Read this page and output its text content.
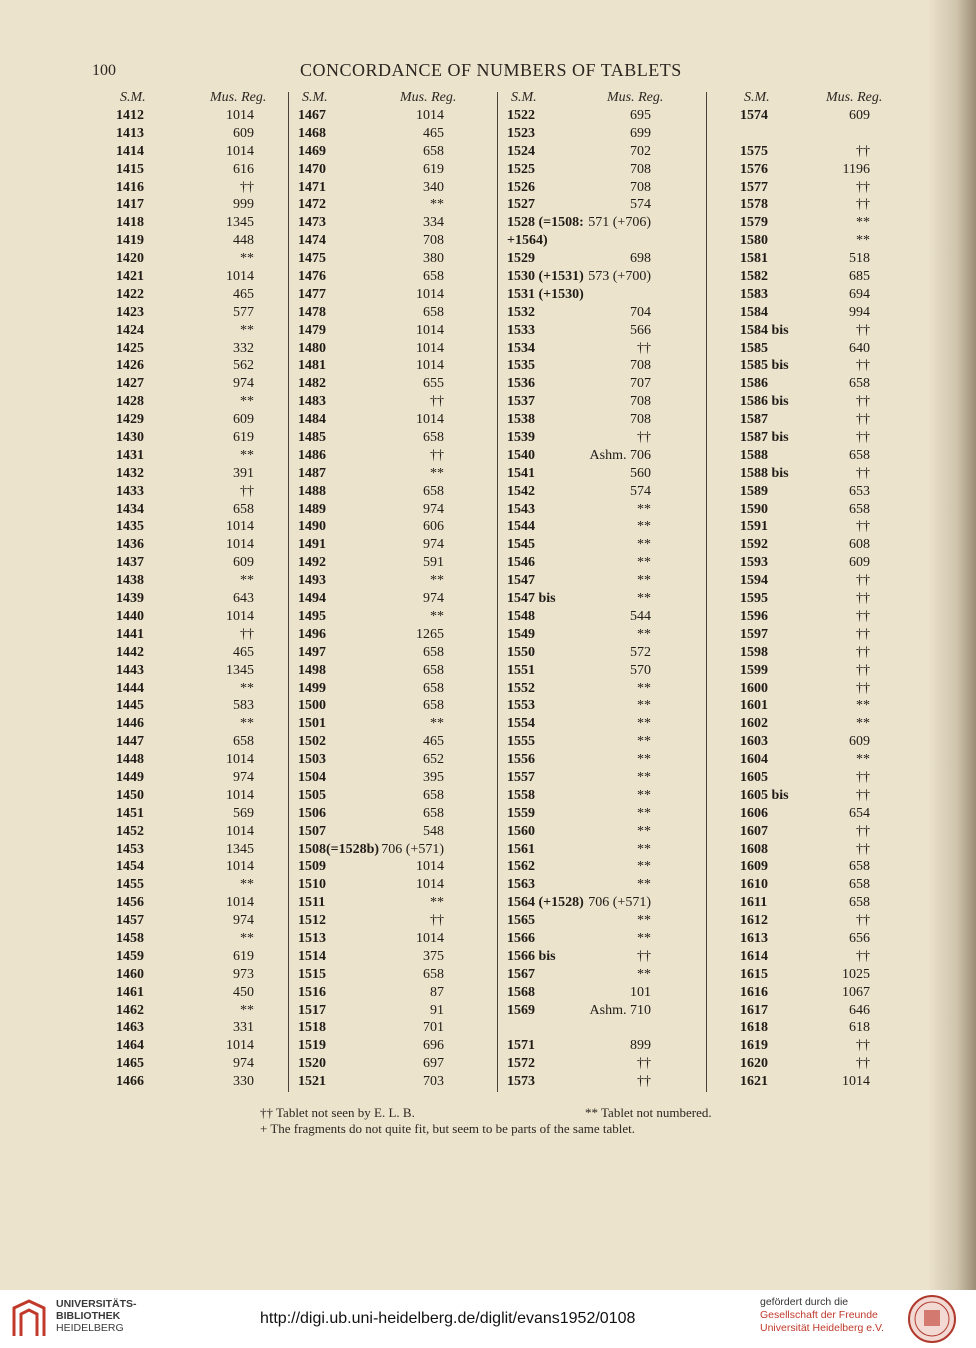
100	CONCORDANCE OF NUMBERS OF TABLETS
S.M.	Mus. Reg.
1412	1014
1413	609
1414	1014
1415	616
1416	††
1417	999
1418	1345
1419	448
1420	**
1421	1014
1422	465
1423	577
1424	**
1425	332
1426	562
1427	974
1428	**
1429	609
1430	619
1431	**
1432	391
1433	††
1434	658
1435	1014
1436	1014
1437	609
1438	**
1439	643
1440	1014
1441	††
1442	465
1443	1345
1444	**
1445	583
1446	**
1447	658
1448	1014
1449	974
1450	1014
1451	569
1452	1014
1453	1345
1454	1014
1455	**
1456	1014
1457	974
1458	**
1459	619
1460	973
1461	450
1462	**
1463	331
1464	1014
1465	974
1466	330
S.M.	Mus. Reg.
1467	1014
1468	465
1469	658
1470	619
1471	340
1472	**
1473	334
1474	708
1475	380
1476	658
1477	1014
1478	658
1479	1014
1480	1014
1481	1014
1482	655
1483	††
1484	1014
1485	658
1486	††
1487	**
1488	658
1489	974
1490	606
1491	974
1492	591
1493	**
1494	974
1495	**
1496	1265
1497	658
1498	658
1499	658
1500	658
1501	**
1502	465
1503	652
1504	395
1505	658
1506	658
1507	548
1508(=1528b) 706 (+571)
1509	1014
1510	1014
1511	**
1512	††
1513	1014
1514	375
1515	658
1516	87
1517	91
1518	701
1519	696
1520	697
1521	703
S.M.	Mus. Reg.
1522	695
1523	699
1524	702
1525	708
1526	708
1527	574
1528 (=1508: 571 (+706)
+1564)
1529	698
1530 (+1531) 573 (+700)
1531 (+1530)
1532	704
1533	566
1534	††
1535	708
1536	707
1537	708
1538	708
1539	††
1540	Ashm. 706
1541	560
1542	574
1543	**
1544	**
1545	**
1546	**
1547	**
1547 bis	**
1548	544
1549	**
1550	572
1551	570
1552	**
1553	**
1554	**
1555	**
1556	**
1557	**
1558	**
1559	**
1560	**
1561	**
1562	**
1563	**
1564 (+1528) 706 (+571)
1565	**
1566	**
1566 bis	††
1567	**
1568	101
1569	Ashm. 710
1571	899
1572	††
1573	††
S.M.	Mus. Reg.
1574	609
1575	††
1576	1196
1577	††
1578	††
1579	**
1580	**
1581	518
1582	685
1583	694
1584	994
1584 bis	††
1585	640
1585 bis	††
1586	658
1586 bis	††
1587	††
1587 bis	††
1588	658
1588 bis	††
1589	653
1590	658
1591	††
1592	608
1593	609
1594	††
1595	††
1596	††
1597	††
1598	††
1599	††
1600	††
1601	**
1602	**
1603	609
1604	**
1605	††
1605 bis	††
1606	654
1607	††
1608	††
1609	658
1610	658
1611	658
1612	††
1613	656
1614	††
1615	1025
1616	1067
1617	646
1618	618
1619	††
1620	††
1621	1014
†† Tablet not seen by E. L. B.	** Tablet not numbered.
+ The fragments do not quite fit, but seem to be parts of the same tablet.
UNIVERSITÄTS-
BIBLIOTHEK
HEIDELBERG
http://digi.ub.uni-heidelberg.de/diglit/evans1952/0108
gefördert durch die
Gesellschaft der Freunde
Universität Heidelberg e.V.
